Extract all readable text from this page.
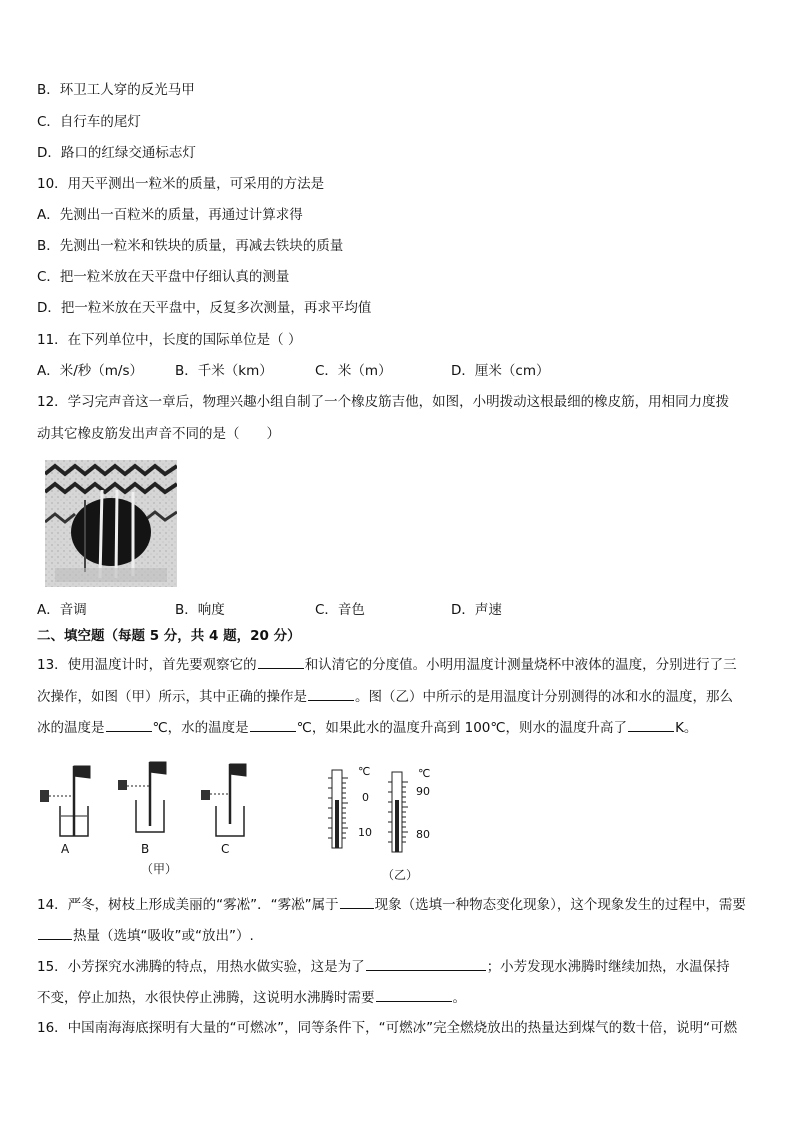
B．环卫工人穿的反光马甲
C．自行车的尾灯
D．路口的红绿交通标志灯
10．用天平测出一粒米的质量，可采用的方法是
A．先测出一百粒米的质量，再通过计算求得
B．先测出一粒米和铁块的质量，再减去铁块的质量
C．把一粒米放在天平盘中仔细认真的测量
D．把一粒米放在天平盘中，反复多次测量，再求平均值
11．在下列单位中，长度的国际单位是（ ）
A．米/秒（m/s） B．千米（km）	C．米（m）	D．厘米（cm）
12．学习完声音这一章后，物理兴趣小组自制了一个橡皮筋吉他，如图，小明拨动这根最细的橡皮筋，用相同力度拨
动其它橡皮筋发出声音不同的是（　　）
A．音调	B．响度	C．音色	D．声速
二、填空题（每题 5 分，共 4 题，20 分）
13．使用温度计时，首先要观察它的	和认清它的分度值。小明用温度计测量烧杯中液体的温度，分别进行了三
次操作，如图（甲）所示，其中正确的操作是	。图（乙）中所示的是用温度计分别测得的冰和水的温度，那么
冰的温度是	℃，水的温度是	℃，如果此水的温度升高到 100℃，则水的温度升高了	K。
A	B	C
（甲）
℃
0
10
℃
90
80
（乙）
14．严冬，树枝上形成美丽的“雾凇”．“雾凇”属于	现象（选填一种物态变化现象），这个现象发生的过程中，需要
热量（选填“吸收”或“放出”）.
15．小芳探究水沸腾的特点，用热水做实验，这是为了	；小芳发现水沸腾时继续加热，水温保持
不变，停止加热，水很快停止沸腾，这说明水沸腾时需要	。
16．中国南海海底探明有大量的“可燃冰”，同等条件下，“可燃冰”完全燃烧放出的热量达到煤气的数十倍，说明“可燃
